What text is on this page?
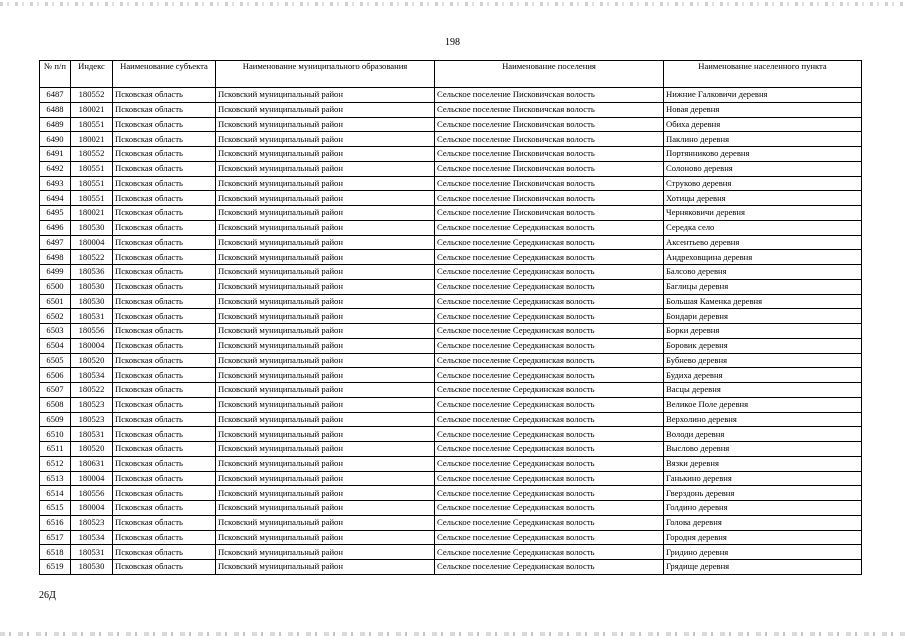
198
№ п/п	Индекс	Наименование субъекта	Наименование муниципального образования	Наименование поселения	Наименование населенного пункта
6487	180552	Псковская область	Псковский муниципальный район	Сельское поселение Писковичская волость	Нижние Галковичи деревня
6488	180021	Псковская область	Псковский муниципальный район	Сельское поселение Писковичская волость	Новая деревня
6489	180551	Псковская область	Псковский муниципальный район	Сельское поселение Писковичская волость	Обиха деревня
6490	180021	Псковская область	Псковский муниципальный район	Сельское поселение Писковичская волость	Паклино деревня
6491	180552	Псковская область	Псковский муниципальный район	Сельское поселение Писковичская волость	Портянниково деревня
6492	180551	Псковская область	Псковский муниципальный район	Сельское поселение Писковичская волость	Солоново деревня
6493	180551	Псковская область	Псковский муниципальный район	Сельское поселение Писковичская волость	Струково деревня
6494	180551	Псковская область	Псковский муниципальный район	Сельское поселение Писковичская волость	Хотицы деревня
6495	180021	Псковская область	Псковский муниципальный район	Сельское поселение Писковичская волость	Черняковичи деревня
6496	180530	Псковская область	Псковский муниципальный район	Сельское поселение Середкинская волость	Середка село
6497	180004	Псковская область	Псковский муниципальный район	Сельское поселение Середкинская волость	Аксентьево деревня
6498	180522	Псковская область	Псковский муниципальный район	Сельское поселение Середкинская волость	Андреховщина деревня
6499	180536	Псковская область	Псковский муниципальный район	Сельское поселение Середкинская волость	Балсово деревня
6500	180530	Псковская область	Псковский муниципальный район	Сельское поселение Середкинская волость	Баглицы деревня
6501	180530	Псковская область	Псковский муниципальный район	Сельское поселение Середкинская волость	Большая Каменка деревня
6502	180531	Псковская область	Псковский муниципальный район	Сельское поселение Середкинская волость	Бондари деревня
6503	180556	Псковская область	Псковский муниципальный район	Сельское поселение Середкинская волость	Борки деревня
6504	180004	Псковская область	Псковский муниципальный район	Сельское поселение Середкинская волость	Боровик деревня
6505	180520	Псковская область	Псковский муниципальный район	Сельское поселение Середкинская волость	Бубнево деревня
6506	180534	Псковская область	Псковский муниципальный район	Сельское поселение Середкинская волость	Будиха деревня
6507	180522	Псковская область	Псковский муниципальный район	Сельское поселение Середкинская волость	Васцы деревня
6508	180523	Псковская область	Псковский муниципальный район	Сельское поселение Середкинская волость	Великое Поле деревня
6509	180523	Псковская область	Псковский муниципальный район	Сельское поселение Середкинская волость	Верхолино деревня
6510	180531	Псковская область	Псковский муниципальный район	Сельское поселение Середкинская волость	Володи деревня
6511	180520	Псковская область	Псковский муниципальный район	Сельское поселение Середкинская волость	Выслово деревня
6512	180631	Псковская область	Псковский муниципальный район	Сельское поселение Середкинская волость	Вязки деревня
6513	180004	Псковская область	Псковский муниципальный район	Сельское поселение Середкинская волость	Ганькино деревня
6514	180556	Псковская область	Псковский муниципальный район	Сельское поселение Середкинская волость	Гверздонь деревня
6515	180004	Псковская область	Псковский муниципальный район	Сельское поселение Середкинская волость	Голдино деревня
6516	180523	Псковская область	Псковский муниципальный район	Сельское поселение Середкинская волость	Голова деревня
6517	180534	Псковская область	Псковский муниципальный район	Сельское поселение Середкинская волость	Городня деревня
6518	180531	Псковская область	Псковский муниципальный район	Сельское поселение Середкинская волость	Гридино деревня
6519	180530	Псковская область	Псковский муниципальный район	Сельское поселение Середкинская волость	Грядище деревня
26Д
